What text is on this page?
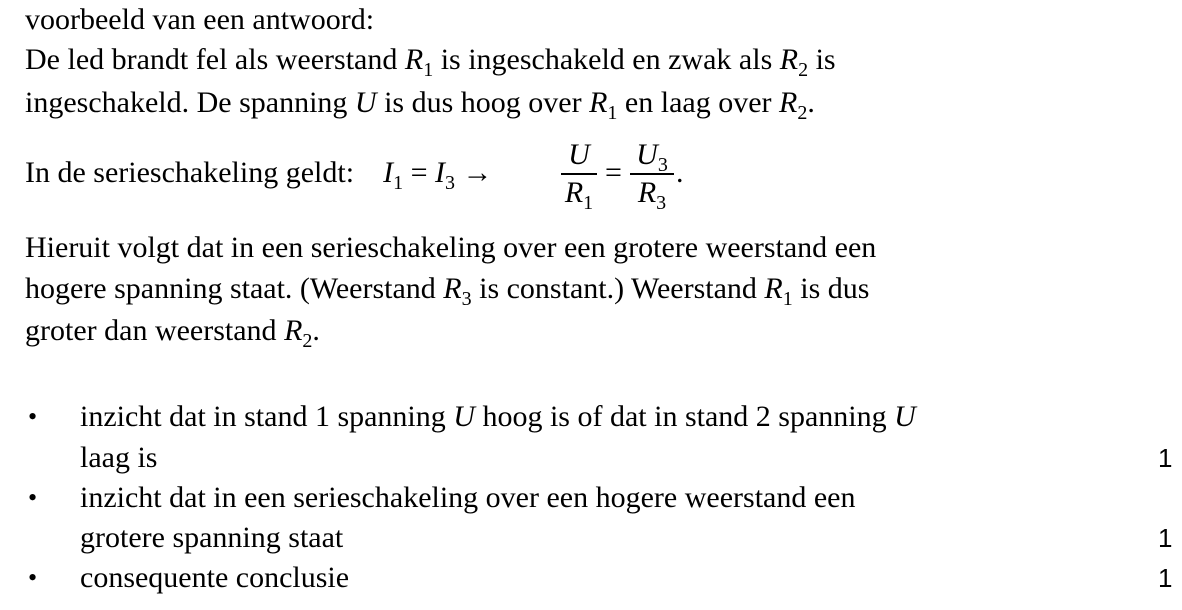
voorbeeld van een antwoord:
De led brandt fel als weerstand $R_1$ is ingeschakeld en zwak als $R_2$ is
ingeschakeld. De spanning U is dus hoog over $R_1$ en laag over $R_2$.
In de serieschakeling geldt: $I_1 = I_3 \to \frac{U}{R_1} = \frac{U_3}{R_3}$ .
Hieruit volgt dat in een serieschakeling over een grotere weerstand een
hogere spanning staat. (Weerstand $R_3$ is constant.) Weerstand $R_1$ is dus
groter dan weerstand $R_2$.
• inzicht dat in stand 1 spanning U hoog is of dat in stand 2 spanning U
laag is	1
• inzicht dat in een serieschakeling over een hogere weerstand een
grotere spanning staat	1
• consequente conclusie	1
